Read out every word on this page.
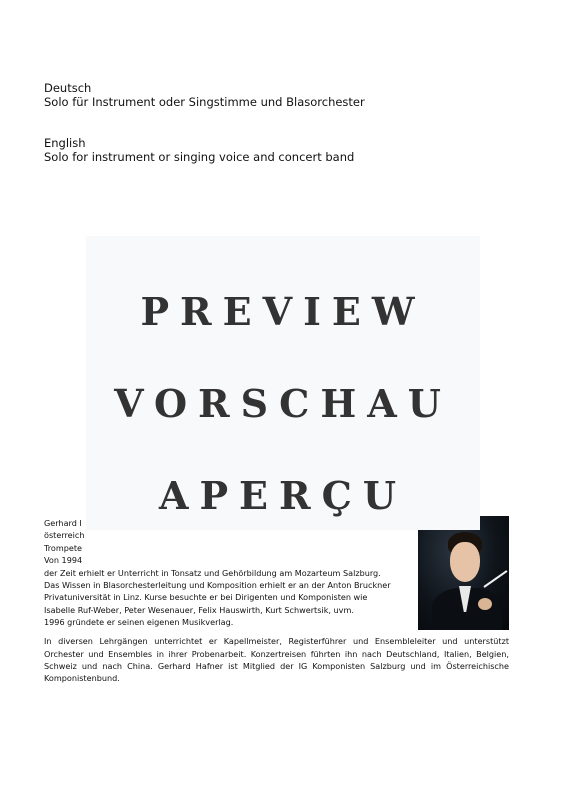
Deutsch
Solo für Instrument oder Singstimme und Blasorchester
English
Solo for instrument or singing voice and concert band

Gerhard I
österreich
Trompete
Von 1994
der Zeit erhielt er Unterricht in Tonsatz und Gehörbildung am Mozarteum Salzburg.
Das Wissen in Blasorchesterleitung und Komposition erhielt er an der Anton Bruckner
Privatuniversität in Linz. Kurse besuchte er bei Dirigenten und Komponisten wie
Isabelle Ruf-Weber, Peter Wesenauer, Felix Hauswirth, Kurt Schwertsik, uvm.
1996 gründete er seinen eigenen Musikverlag.

In diversen Lehrgängen unterrichtet er Kapellmeister, Registerführer und Ensembleleiter und unterstützt Orchester und Ensembles in ihrer Probenarbeit. Konzertreisen führten ihn nach Deutschland, Italien, Belgien, Schweiz und nach China. Gerhard Hafner ist Mitglied der IG Komponisten Salzburg und im Österreichische Komponistenbund.

PREVIEW
VORSCHAU
APERÇU
